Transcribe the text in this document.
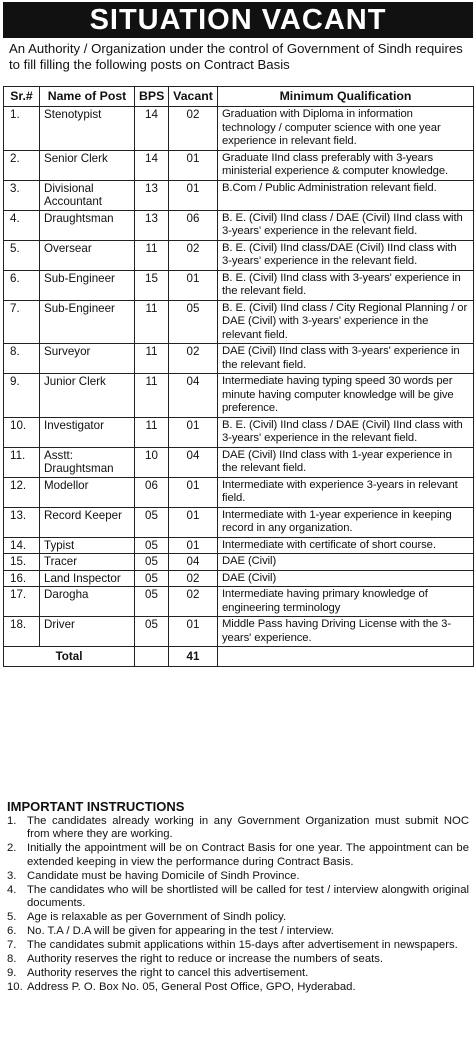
SITUATION VACANT
An Authority / Organization under the control of Government of Sindh requires to fill filling the following posts on Contract Basis
Sr.#	Name of Post	BPS	Vacant	Minimum Qualification
1.	Stenotypist	14	02	Graduation with Diploma in information technology / computer science with one year experience in relevant field.
2.	Senior Clerk	14	01	Graduate IInd class preferably with 3-years ministerial experience & computer knowledge.
3.	Divisional Accountant	13	01	B.Com / Public Administration relevant field.
4.	Draughtsman	13	06	B. E. (Civil) IInd class / DAE (Civil) IInd class with 3-years' experience in the relevant field.
5.	Oversear	11	02	B. E. (Civil) IInd class/DAE (Civil) IInd class with 3-years' experience in the relevant field.
6.	Sub-Engineer	15	01	B. E. (Civil) IInd class with 3-years' experience in the relevant field.
7.	Sub-Engineer	11	05	B. E. (Civil) IInd class / City Regional Planning / or DAE (Civil) with 3-years' experience in the relevant field.
8.	Surveyor	11	02	DAE (Civil) IInd class with 3-years' experience in the relevant field.
9.	Junior Clerk	11	04	Intermediate having typing speed 30 words per minute having computer knowledge will be give preference.
10.	Investigator	11	01	B. E. (Civil) IInd class / DAE (Civil) IInd class with 3-years' experience in the relevant field.
11.	Asstt: Draughtsman	10	04	DAE (Civil) IInd class with 1-year experience in the relevant field.
12.	Modellor	06	01	Intermediate with experience 3-years in relevant field.
13.	Record Keeper	05	01	Intermediate with 1-year experience in keeping record in any organization.
14.	Typist	05	01	Intermediate with certificate of short course.
15.	Tracer	05	04	DAE (Civil)
16.	Land Inspector	05	02	DAE (Civil)
17.	Darogha	05	02	Intermediate having primary knowledge of engineering terminology
18.	Driver	05	01	Middle Pass having Driving License with the 3-years' experience.
Total			41	
IMPORTANT INSTRUCTIONS
1. The candidates already working in any Government Organization must submit NOC from where they are working.
2. Initially the appointment will be on Contract Basis for one year. The appointment can be extended keeping in view the performance during Contract Basis.
3. Candidate must be having Domicile of Sindh Province.
4. The candidates who will be shortlisted will be called for test / interview alongwith original documents.
5. Age is relaxable as per Government of Sindh policy.
6. No. T.A / D.A will be given for appearing in the test / interview.
7. The candidates submit applications within 15-days after advertisement in newspapers.
8. Authority reserves the right to reduce or increase the numbers of seats.
9. Authority reserves the right to cancel this advertisement.
10. Address P. O. Box No. 05, General Post Office, GPO, Hyderabad.
